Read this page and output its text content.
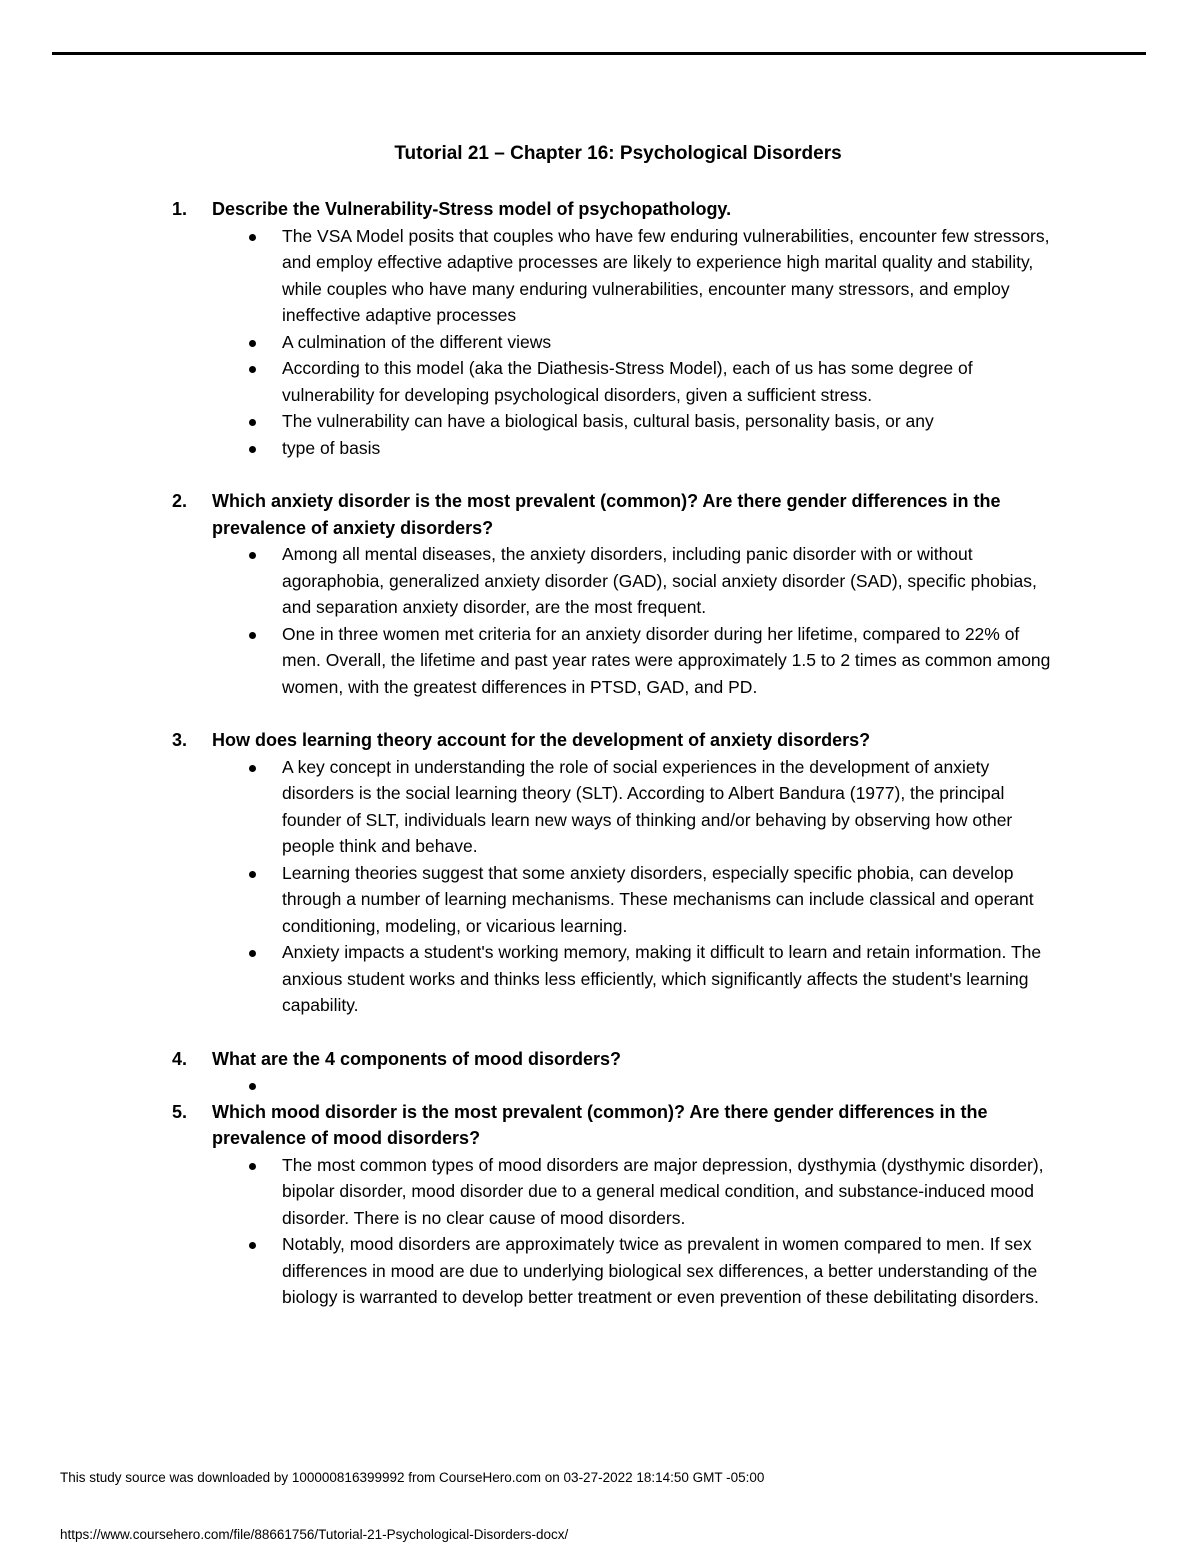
Tutorial 21 – Chapter 16: Psychological Disorders
1.	Describe the Vulnerability-Stress model of psychopathology.
The VSA Model posits that couples who have few enduring vulnerabilities, encounter few stressors, and employ effective adaptive processes are likely to experience high marital quality and stability, while couples who have many enduring vulnerabilities, encounter many stressors, and employ ineffective adaptive processes
A culmination of the different views
According to this model (aka the Diathesis-Stress Model), each of us has some degree of vulnerability for developing psychological disorders, given a sufficient stress.
The vulnerability can have a biological basis, cultural basis, personality basis, or any
type of basis
2.	Which anxiety disorder is the most prevalent (common)? Are there gender differences in the prevalence of anxiety disorders?
Among all mental diseases, the anxiety disorders, including panic disorder with or without agoraphobia, generalized anxiety disorder (GAD), social anxiety disorder (SAD), specific phobias, and separation anxiety disorder, are the most frequent.
One in three women met criteria for an anxiety disorder during her lifetime, compared to 22% of men. Overall, the lifetime and past year rates were approximately 1.5 to 2 times as common among women, with the greatest differences in PTSD, GAD, and PD.
3.	How does learning theory account for the development of anxiety disorders?
A key concept in understanding the role of social experiences in the development of anxiety disorders is the social learning theory (SLT). According to Albert Bandura (1977), the principal founder of SLT, individuals learn new ways of thinking and/or behaving by observing how other people think and behave.
Learning theories suggest that some anxiety disorders, especially specific phobia, can develop through a number of learning mechanisms. These mechanisms can include classical and operant conditioning, modeling, or vicarious learning.
Anxiety impacts a student's working memory, making it difficult to learn and retain information. The anxious student works and thinks less efficiently, which significantly affects the student's learning capability.
4.	What are the 4 components of mood disorders?
5.	Which mood disorder is the most prevalent (common)? Are there gender differences in the prevalence of mood disorders?
The most common types of mood disorders are major depression, dysthymia (dysthymic disorder), bipolar disorder, mood disorder due to a general medical condition, and substance-induced mood disorder. There is no clear cause of mood disorders.
Notably, mood disorders are approximately twice as prevalent in women compared to men. If sex differences in mood are due to underlying biological sex differences, a better understanding of the biology is warranted to develop better treatment or even prevention of these debilitating disorders.
This study source was downloaded by 100000816399992 from CourseHero.com on 03-27-2022 18:14:50 GMT -05:00
https://www.coursehero.com/file/88661756/Tutorial-21-Psychological-Disorders-docx/
